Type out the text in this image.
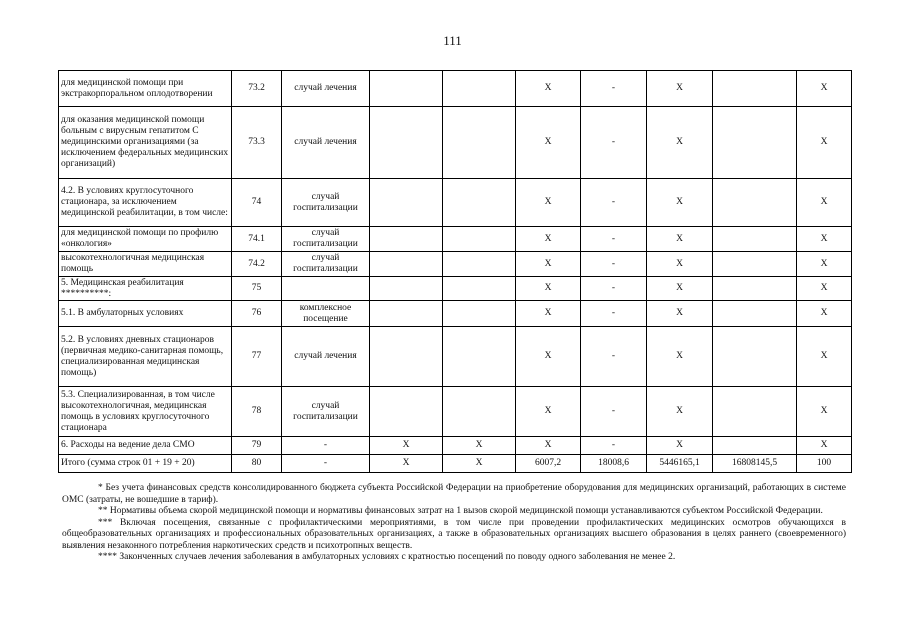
111
для медицинской помощи при экстракорпоральном оплодотворении	73.2	случай лечения			X	-	X		X
для оказания медицинской помощи больным с вирусным гепатитом С медицинскими организациями (за исключением федеральных медицинских организаций)	73.3	случай лечения			X	-	X		X
4.2. В условиях круглосуточного стационара, за исключением медицинской реабилитации, в том числе:	74	случай госпитализации			X	-	X		X
для медицинской помощи по профилю «онкология»	74.1	случай госпитализации			X	-	X		X
высокотехнологичная медицинская помощь	74.2	случай госпитализации			X	-	X		X
5. Медицинская реабилитация **********:	75				X	-	X		X
5.1. В амбулаторных условиях	76	комплексное посещение			X	-	X		X
5.2. В условиях дневных стационаров (первичная медико-санитарная помощь, специализированная медицинская помощь)	77	случай лечения			X	-	X		X
5.3. Специализированная, в том числе высокотехнологичная, медицинская помощь в условиях круглосуточного стационара	78	случай госпитализации			X	-	X		X
6. Расходы на ведение дела СМО	79	-	X	X	X	-	X		X
Итого (сумма строк 01 + 19 + 20)	80	-	X	X	6007,2	18008,6	5446165,1	16808145,5	100

* Без учета финансовых средств консолидированного бюджета субъекта Российской Федерации на приобретение оборудования для медицинских организаций, работающих в системе ОМС (затраты, не вошедшие в тариф).

** Нормативы объема скорой медицинской помощи и нормативы финансовых затрат на 1 вызов скорой медицинской помощи устанавливаются субъектом Российской Федерации.

*** Включая посещения, связанные с профилактическими мероприятиями, в том числе при проведении профилактических медицинских осмотров обучающихся в общеобразовательных организациях и профессиональных образовательных организациях, а также в образовательных организациях высшего образования в целях раннего (своевременного) выявления незаконного потребления наркотических средств и психотропных веществ.

**** Законченных случаев лечения заболевания в амбулаторных условиях с кратностью посещений по поводу одного заболевания не менее 2.
